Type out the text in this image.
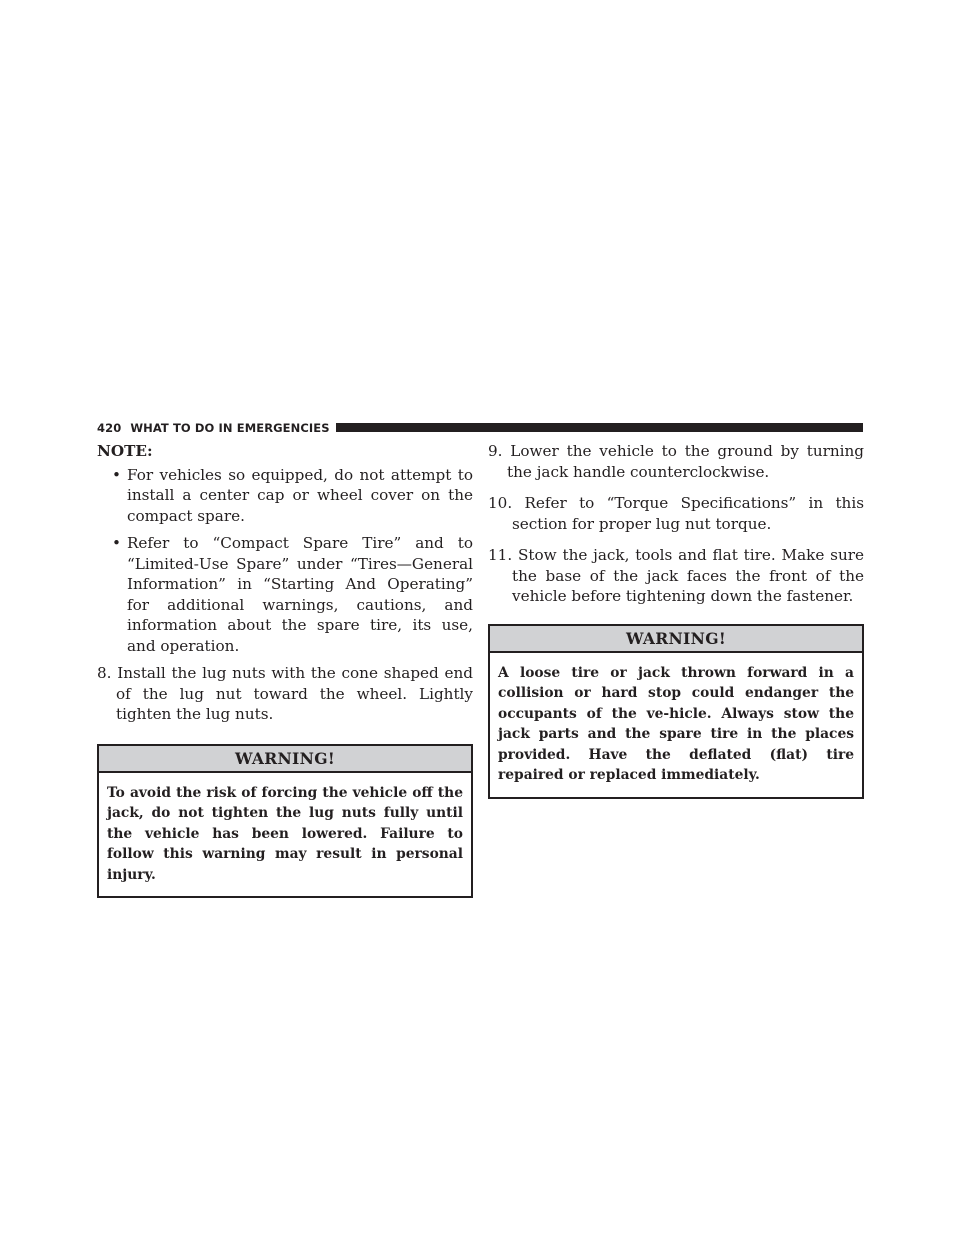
420 WHAT TO DO IN EMERGENCIES

NOTE:

• For vehicles so equipped, do not attempt to install a center cap or wheel cover on the compact spare.
• Refer to “Compact Spare Tire” and to “Limited-Use Spare” under “Tires—General Information” in “Starting And Operating” for additional warnings, cautions, and information about the spare tire, its use, and operation.

8. Install the lug nuts with the cone shaped end of the lug nut toward the wheel. Lightly tighten the lug nuts.

WARNING!
To avoid the risk of forcing the vehicle off the jack, do not tighten the lug nuts fully until the vehicle has been lowered. Failure to follow this warning may result in personal injury.

9. Lower the vehicle to the ground by turning the jack handle counterclockwise.

10. Refer to “Torque Specifications” in this section for proper lug nut torque.

11. Stow the jack, tools and flat tire. Make sure the base of the jack faces the front of the vehicle before tightening down the fastener.

WARNING!
A loose tire or jack thrown forward in a collision or hard stop could endanger the occupants of the ve-hicle. Always stow the jack parts and the spare tire in the places provided. Have the deflated (flat) tire repaired or replaced immediately.
